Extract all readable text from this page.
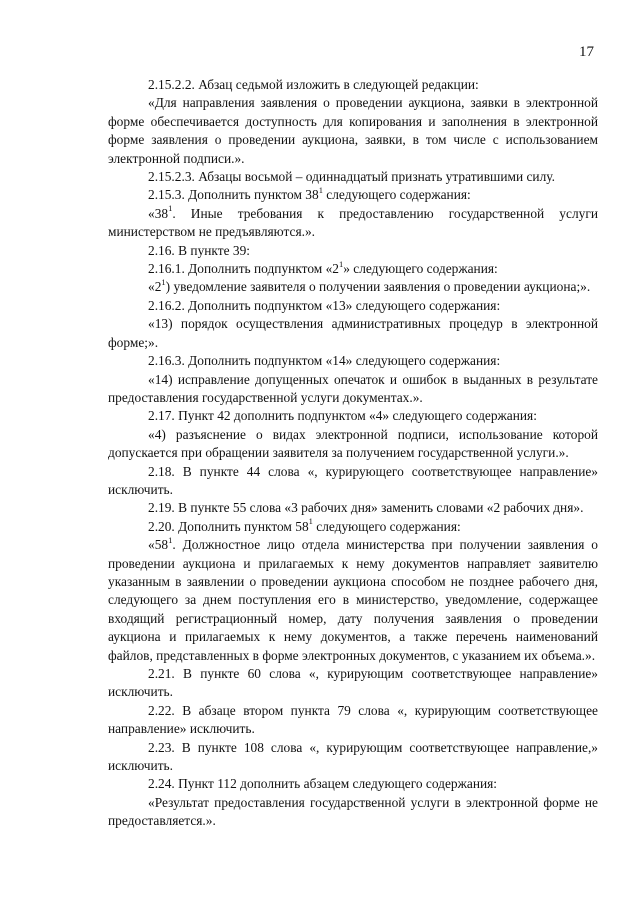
17

2.15.2.2. Абзац седьмой изложить в следующей редакции:

«Для направления заявления о проведении аукциона, заявки в электронной форме обеспечивается доступность для копирования и заполнения в электронной форме заявления о проведении аукциона, заявки, в том числе с использованием электронной подписи.».

2.15.2.3. Абзацы восьмой – одиннадцатый признать утратившими силу.

2.15.3. Дополнить пунктом $38^1$ следующего содержания:

«$38^1$. Иные требования к предоставлению государственной услуги министерством не предъявляются.».

2.16. В пункте 39:

2.16.1. Дополнить подпунктом «$2^1$» следующего содержания:

«$2^1$) уведомление заявителя о получении заявления о проведении аукциона;».

2.16.2. Дополнить подпунктом «13» следующего содержания:

«13) порядок осуществления административных процедур в электронной форме;».

2.16.3. Дополнить подпунктом «14» следующего содержания:

«14) исправление допущенных опечаток и ошибок в выданных в результате предоставления государственной услуги документах.».

2.17. Пункт 42 дополнить подпунктом «4» следующего содержания:

«4) разъяснение о видах электронной подписи, использование которой допускается при обращении заявителя за получением государственной услуги.».

2.18. В пункте 44 слова «, курирующего соответствующее направление» исключить.

2.19. В пункте 55 слова «3 рабочих дня» заменить словами «2 рабочих дня».

2.20. Дополнить пунктом $58^1$ следующего содержания:

«$58^1$. Должностное лицо отдела министерства при получении заявления о проведении аукциона и прилагаемых к нему документов направляет заявителю указанным в заявлении о проведении аукциона способом не позднее рабочего дня, следующего за днем поступления его в министерство, уведомление, содержащее входящий регистрационный номер, дату получения заявления о проведении аукциона и прилагаемых к нему документов, а также перечень наименований файлов, представленных в форме электронных документов, с указанием их объема.».

2.21. В пункте 60 слова «, курирующим соответствующее направление» исключить.

2.22. В абзаце втором пункта 79 слова «, курирующим соответствующее направление» исключить.

2.23. В пункте 108 слова «, курирующим соответствующее направление,» исключить.

2.24. Пункт 112 дополнить абзацем следующего содержания:

«Результат предоставления государственной услуги в электронной форме не предоставляется.».
